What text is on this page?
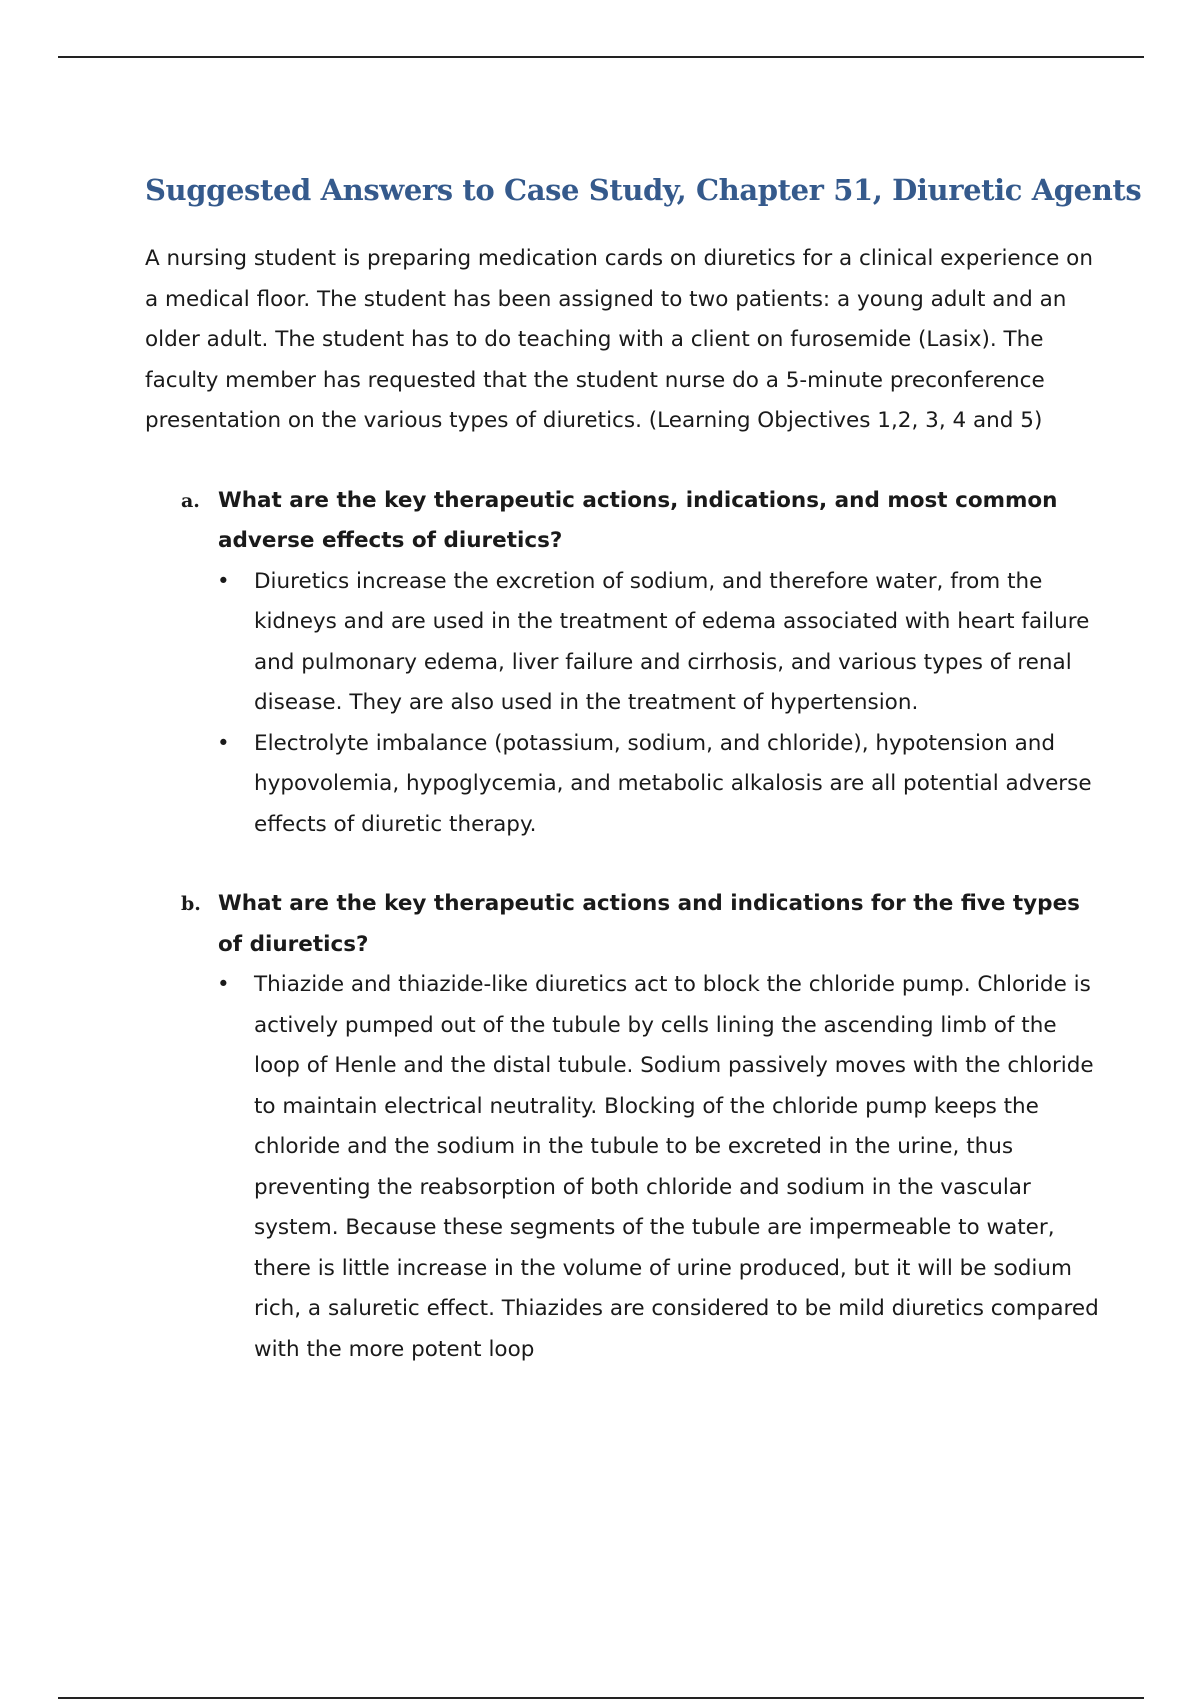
Suggested Answers to Case Study, Chapter 51, Diuretic Agents

A nursing student is preparing medication cards on diuretics for a clinical experience on a medical floor. The student has been assigned to two patients: a young adult and an older adult. The student has to do teaching with a client on furosemide (Lasix). The faculty member has requested that the student nurse do a 5-minute preconference presentation on the various types of diuretics. (Learning Objectives 1,2, 3, 4 and 5)

a. What are the key therapeutic actions, indications, and most common adverse effects of diuretics?
• Diuretics increase the excretion of sodium, and therefore water, from the kidneys and are used in the treatment of edema associated with heart failure and pulmonary edema, liver failure and cirrhosis, and various types of renal disease. They are also used in the treatment of hypertension.
• Electrolyte imbalance (potassium, sodium, and chloride), hypotension and hypovolemia, hypoglycemia, and metabolic alkalosis are all potential adverse effects of diuretic therapy.
b. What are the key therapeutic actions and indications for the five types of diuretics?
• Thiazide and thiazide-like diuretics act to block the chloride pump. Chloride is actively pumped out of the tubule by cells lining the ascending limb of the loop of Henle and the distal tubule. Sodium passively moves with the chloride to maintain electrical neutrality. Blocking of the chloride pump keeps the chloride and the sodium in the tubule to be excreted in the urine, thus preventing the reabsorption of both chloride and sodium in the vascular system. Because these segments of the tubule are impermeable to water, there is little increase in the volume of urine produced, but it will be sodium rich, a saluretic effect. Thiazides are considered to be mild diuretics compared with the more potent loop
